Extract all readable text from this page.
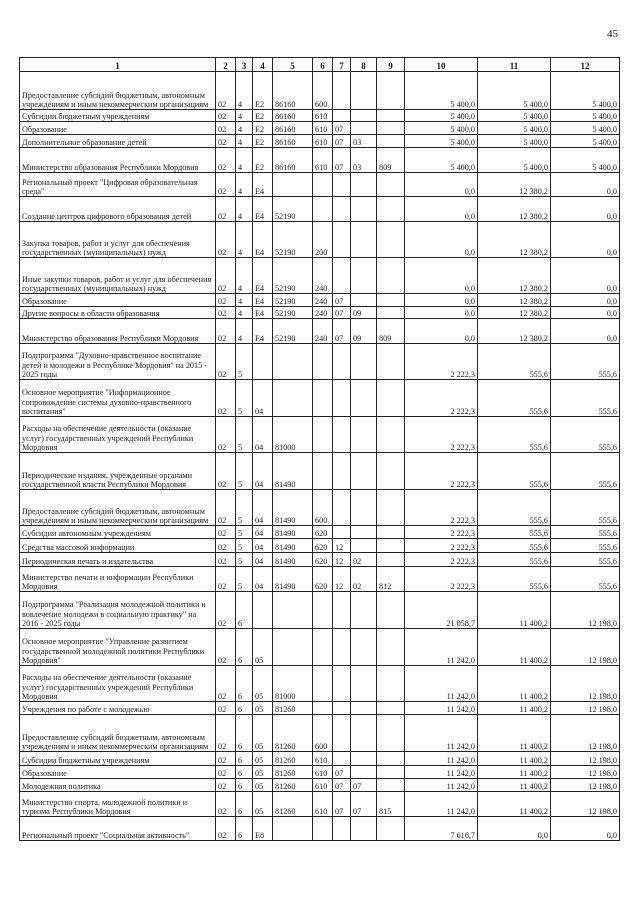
45
1	2	3	4	5	6	7	8	9	10	11	12
Предоставление субсидий бюджетным, автономным учреждениям и иным некоммерческим организациям	02	4	E2	86160	600				5 400,0	5 400,0	5 400,0
Субсидии бюджетным учреждениям	02	4	E2	86160	610				5 400,0	5 400,0	5 400,0
Образование	02	4	E2	86160	610	07			5 400,0	5 400,0	5 400,0
Дополнительное образование детей	02	4	E2	86160	610	07	03		5 400,0	5 400,0	5 400,0
Министерство образования Республики Мордовия	02	4	E2	86160	610	07	03	809	5 400,0	5 400,0	5 400,0
Региональный проект "Цифровая образовательная среда"	02	4	E4						0,0	12 380,2	0,0
Создание центров цифрового образования детей	02	4	E4	52190					0,0	12 380,2	0,0
Закупка товаров, работ и услуг для обеспечения государственных (муниципальных) нужд	02	4	E4	52190	200				0,0	12 380,2	0,0
Иные закупки товаров, работ и услуг для обеспечения государственных (муниципальных) нужд	02	4	E4	52190	240				0,0	12 380,2	0,0
Образование	02	4	E4	52190	240	07			0,0	12 380,2	0,0
Другие вопросы в области образования	02	4	E4	52190	240	07	09		0,0	12 380,2	0,0
Министерство образования Республики Мордовия	02	4	E4	52190	240	07	09	809	0,0	12 380,2	0,0
Подпрограмма "Духовно-нравственное воспитание детей и молодежи в Республике Мордовия" на 2015 - 2025 годы	02	5							2 222,3	555,6	555,6
Основное мероприятие "Информационное сопровождение системы духовно-нравственного воспитания"	02	5	04						2 222,3	555,6	555,6
Расходы на обеспечение деятельности (оказание услуг) государственных учреждений Республики Мордовия	02	5	04	81000					2 222,3	555,6	555,6
Периодические издания, учрежденные органами государственной власти Республики Мордовия	02	5	04	81490					2 222,3	555,6	555,6
Предоставление субсидий бюджетным, автономным учреждениям и иным некоммерческим организациям	02	5	04	81490	600				2 222,3	555,6	555,6
Субсидии автономным учреждениям	02	5	04	81490	620				2 222,3	555,6	555,6
Средства массовой информации	02	5	04	81490	620	12			2 222,3	555,6	555,6
Периодическая печать и издательства	02	5	04	81490	620	12	02		2 222,3	555,6	555,6
Министерство печати и информации Республики Мордовия	02	5	04	81490	620	12	02	812	2 222,3	555,6	555,6
Подпрограмма "Реализация молодежной политики и вовлечение молодежи в социальную практику" на 2016 - 2025 годы	02	6							21 058,7	11 400,2	12 198,0
Основное мероприятие "Управление развитием государственной молодежной политики Республики Мордовия"	02	6	05						11 242,0	11 400,2	12 198,0
Расходы на обеспечение деятельности (оказание услуг) государственных учреждений Республики Мордовия	02	6	05	81000					11 242,0	11 400,2	12 198,0
Учреждения по работе с молодежью	02	6	05	81260					11 242,0	11 400,2	12 198,0
Предоставление субсидий бюджетным, автономным учреждениям и иным некоммерческим организациям	02	6	05	81260	600				11 242,0	11 400,2	12 198,0
Субсидии бюджетным учреждениям	02	6	05	81260	610				11 242,0	11 400,2	12 198,0
Образование	02	6	05	81260	610	07			11 242,0	11 400,2	12 198,0
Молодежная политика	02	6	05	81260	610	07	07		11 242,0	11 400,2	12 198,0
Министерство спорта, молодежной политики и туризма Республики Мордовия	02	6	05	81260	610	07	07	815	11 242,0	11 400,2	12 198,0
Региональный проект "Социальная активность"	02	6	E8						7 616,7	0,0	0,0
